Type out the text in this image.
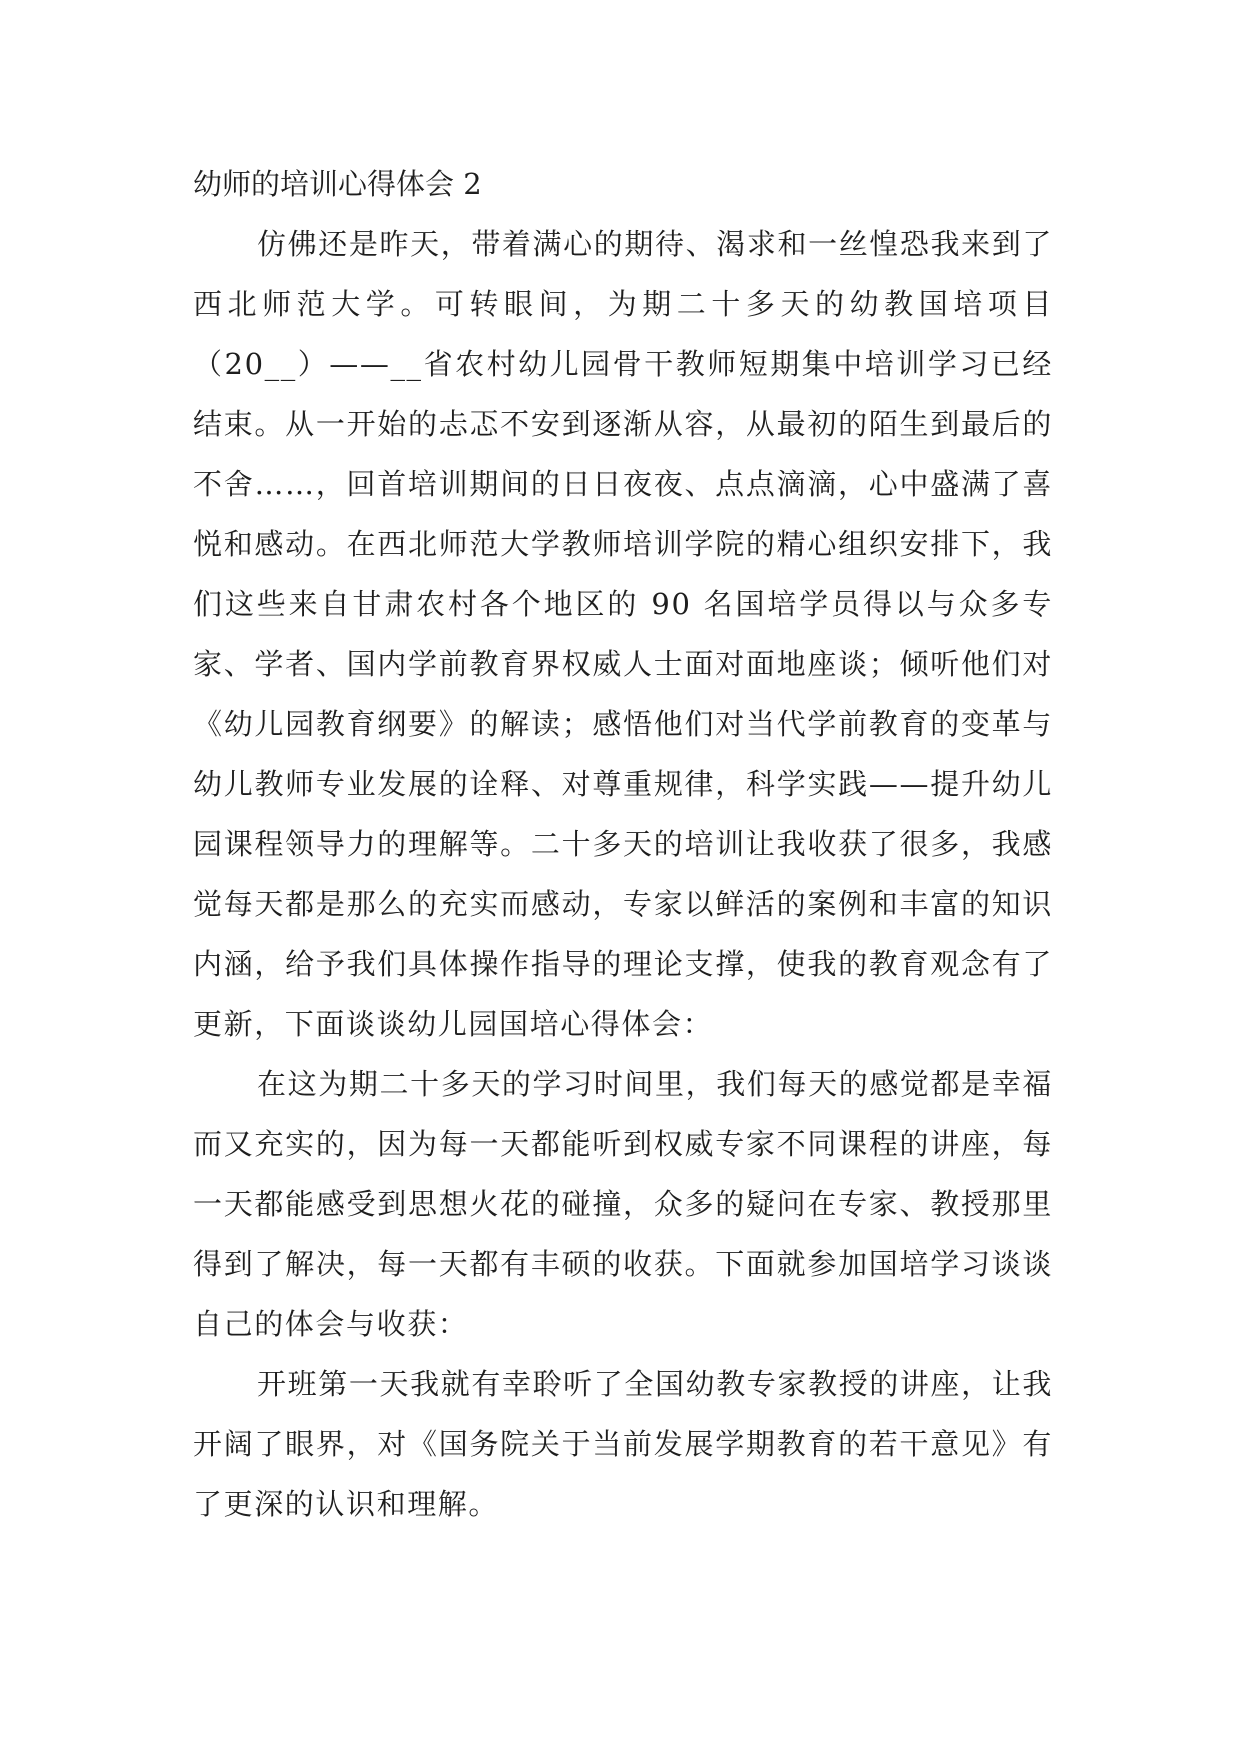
幼师的培训心得体会 2

仿佛还是昨天，带着满心的期待、渴求和一丝惶恐我来到了西北师范大学。可转眼间，为期二十多天的幼教国培项目（20__）——__省农村幼儿园骨干教师短期集中培训学习已经结束。从一开始的忐忑不安到逐渐从容，从最初的陌生到最后的不舍……，回首培训期间的日日夜夜、点点滴滴，心中盛满了喜悦和感动。在西北师范大学教师培训学院的精心组织安排下，我们这些来自甘肃农村各个地区的 90 名国培学员得以与众多专家、学者、国内学前教育界权威人士面对面地座谈；倾听他们对《幼儿园教育纲要》的解读；感悟他们对当代学前教育的变革与幼儿教师专业发展的诠释、对尊重规律，科学实践——提升幼儿园课程领导力的理解等。二十多天的培训让我收获了很多，我感觉每天都是那么的充实而感动，专家以鲜活的案例和丰富的知识内涵，给予我们具体操作指导的理论支撑，使我的教育观念有了更新，下面谈谈幼儿园国培心得体会：

在这为期二十多天的学习时间里，我们每天的感觉都是幸福而又充实的，因为每一天都能听到权威专家不同课程的讲座，每一天都能感受到思想火花的碰撞，众多的疑问在专家、教授那里得到了解决，每一天都有丰硕的收获。下面就参加国培学习谈谈自己的体会与收获：

开班第一天我就有幸聆听了全国幼教专家教授的讲座，让我开阔了眼界，对《国务院关于当前发展学期教育的若干意见》有了更深的认识和理解。
